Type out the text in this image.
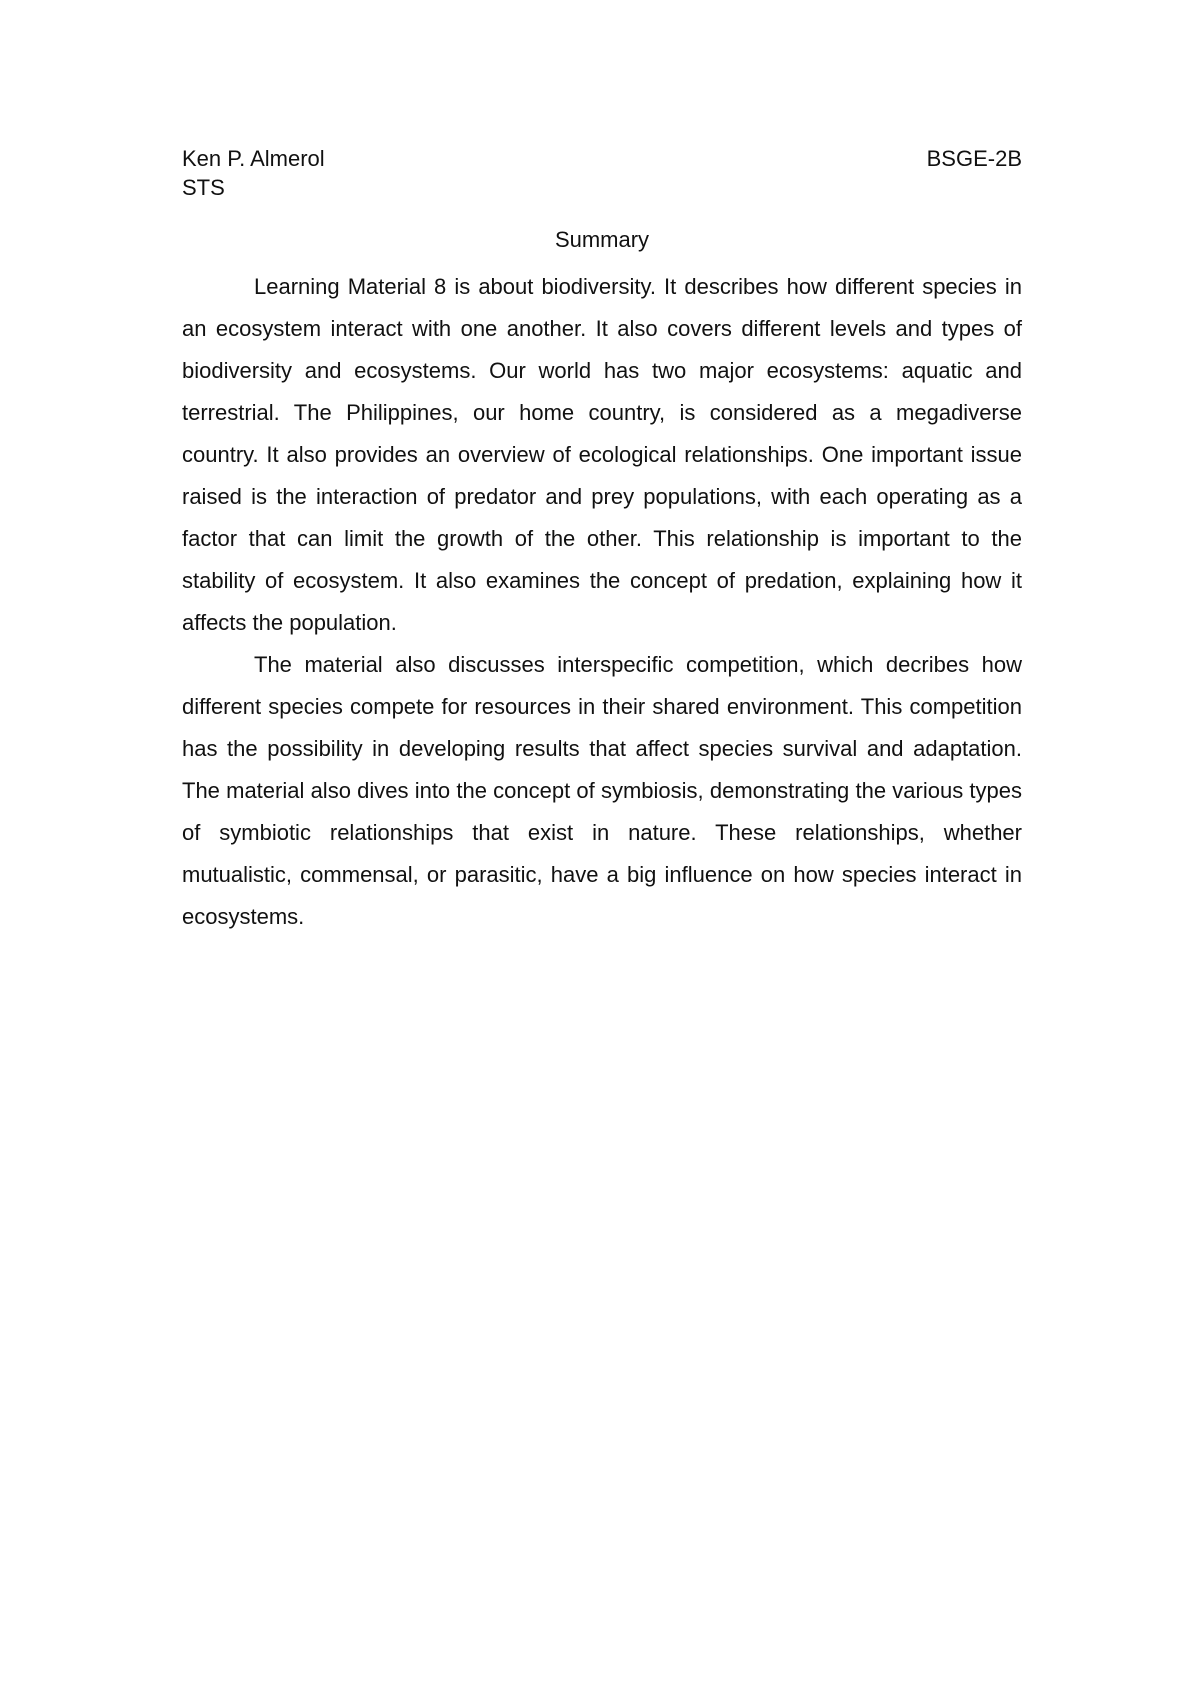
Ken P. Almerol	BSGE-2B
STS
Summary

Learning Material 8 is about biodiversity. It describes how different species in an ecosystem interact with one another. It also covers different levels and types of biodiversity and ecosystems. Our world has two major ecosystems: aquatic and terrestrial. The Philippines, our home country, is considered as a megadiverse country. It also provides an overview of ecological relationships. One important issue raised is the interaction of predator and prey populations, with each operating as a factor that can limit the growth of the other. This relationship is important to the stability of ecosystem. It also examines the concept of predation, explaining how it affects the population.

The material also discusses interspecific competition, which decribes how different species compete for resources in their shared environment. This competition has the possibility in developing results that affect species survival and adaptation. The material also dives into the concept of symbiosis, demonstrating the various types of symbiotic relationships that exist in nature. These relationships, whether mutualistic, commensal, or parasitic, have a big influence on how species interact in ecosystems.
